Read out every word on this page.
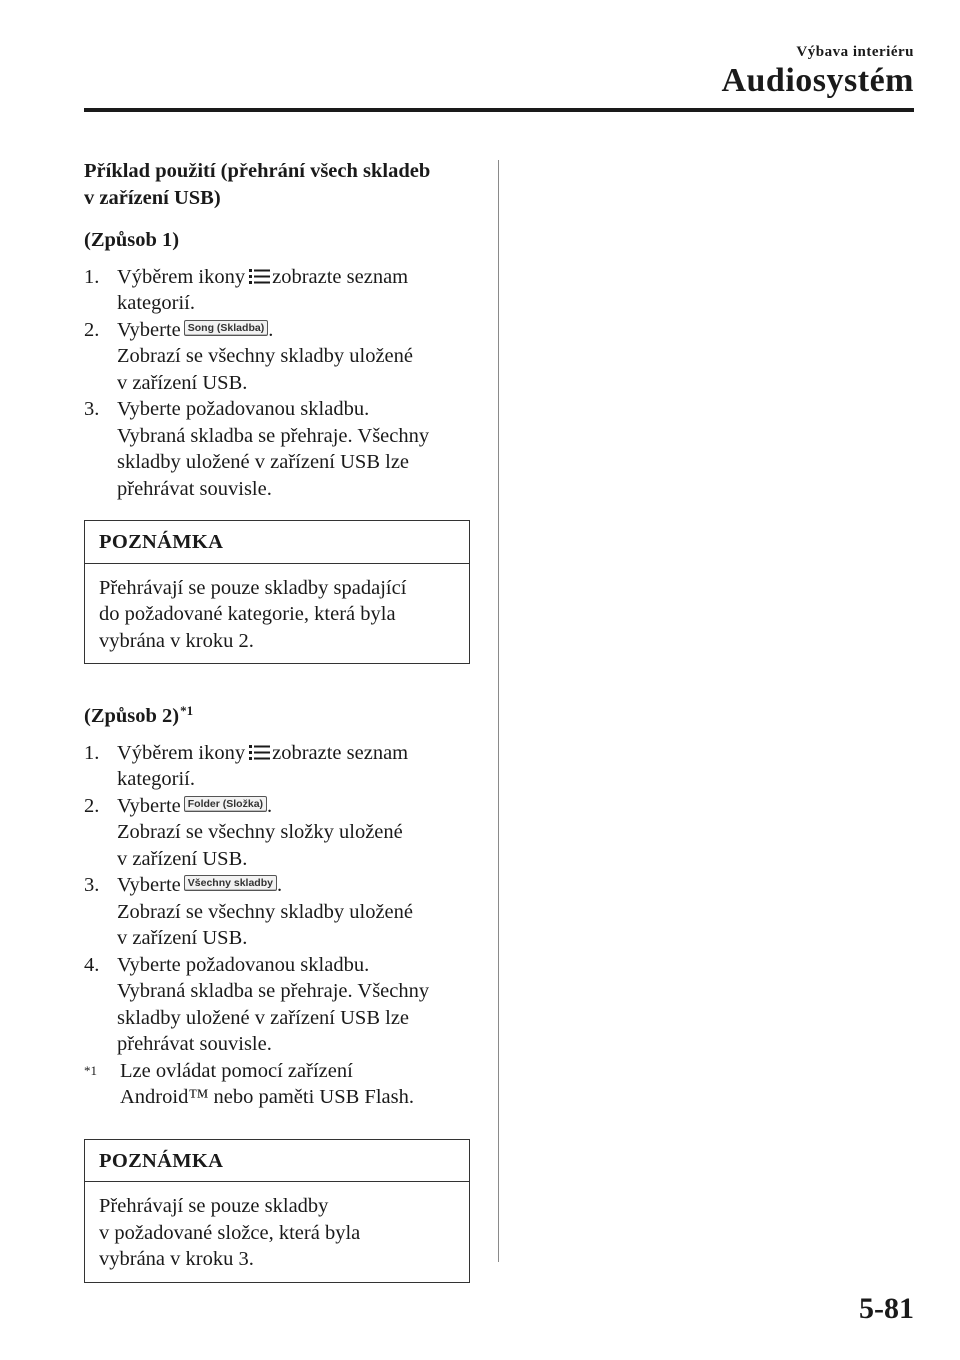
Výbava interiéru
Audiosystém

Příklad použití (přehrání všech skladeb
v zařízení USB)

(Způsob 1)

1. Výběrem ikony zobrazte seznam
kategorií.
2. Vyberte Song (Skladba) .
Zobrazí se všechny skladby uložené
v zařízení USB.
3. Vyberte požadovanou skladbu.
Vybraná skladba se přehraje. Všechny
skladby uložené v zařízení USB lze
přehrávat souvisle.
POZNÁMKA
Přehrávají se pouze skladby spadající
do požadované kategorie, která byla
vybrána v kroku 2.

(Způsob 2)$^{*1}$

1. Výběrem ikony zobrazte seznam
kategorií.
2. Vyberte Folder (Složka) .
Zobrazí se všechny složky uložené
v zařízení USB.
3. Vyberte Všechny skladby .
Zobrazí se všechny skladby uložené
v zařízení USB.
4. Vyberte požadovanou skladbu.
Vybraná skladba se přehraje. Všechny
skladby uložené v zařízení USB lze
přehrávat souvisle.
$^{*1}$ Lze ovládat pomocí zařízení
Android™ nebo paměti USB Flash.
POZNÁMKA
Přehrávají se pouze skladby
v požadované složce, která byla
vybrána v kroku 3.
5-81
